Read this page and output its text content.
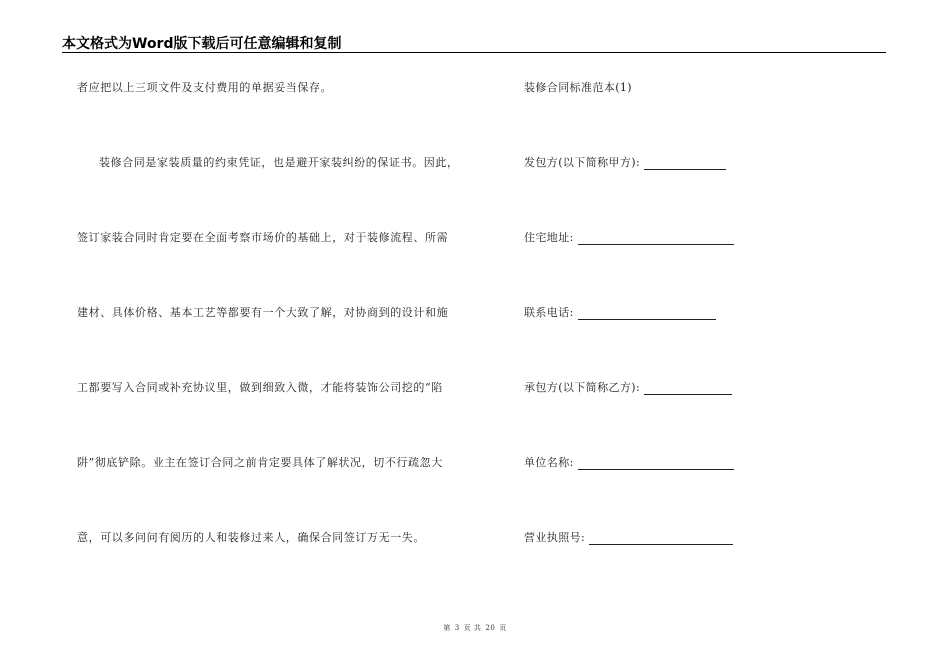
本文格式为Word版下载后可任意编辑和复制
者应把以上三项文件及支付费用的单据妥当保存。
装修合同是家装质量的约束凭证，也是避开家装纠纷的保证书。因此，
签订家装合同时肯定要在全面考察市场价的基础上，对于装修流程、所需
建材、具体价格、基本工艺等都要有一个大致了解，对协商到的设计和施
工都要写入合同或补充协议里，做到细致入微，才能将装饰公司挖的“陷
阱”彻底铲除。业主在签订合同之前肯定要具体了解状况，切不行疏忽大
意，可以多问问有阅历的人和装修过来人，确保合同签订万无一失。
装修合同标准范本(1)
发包方(以下简称甲方):
住宅地址:
联系电话:
承包方(以下简称乙方):
单位名称:
营业执照号:
第 3 页 共 20 页
